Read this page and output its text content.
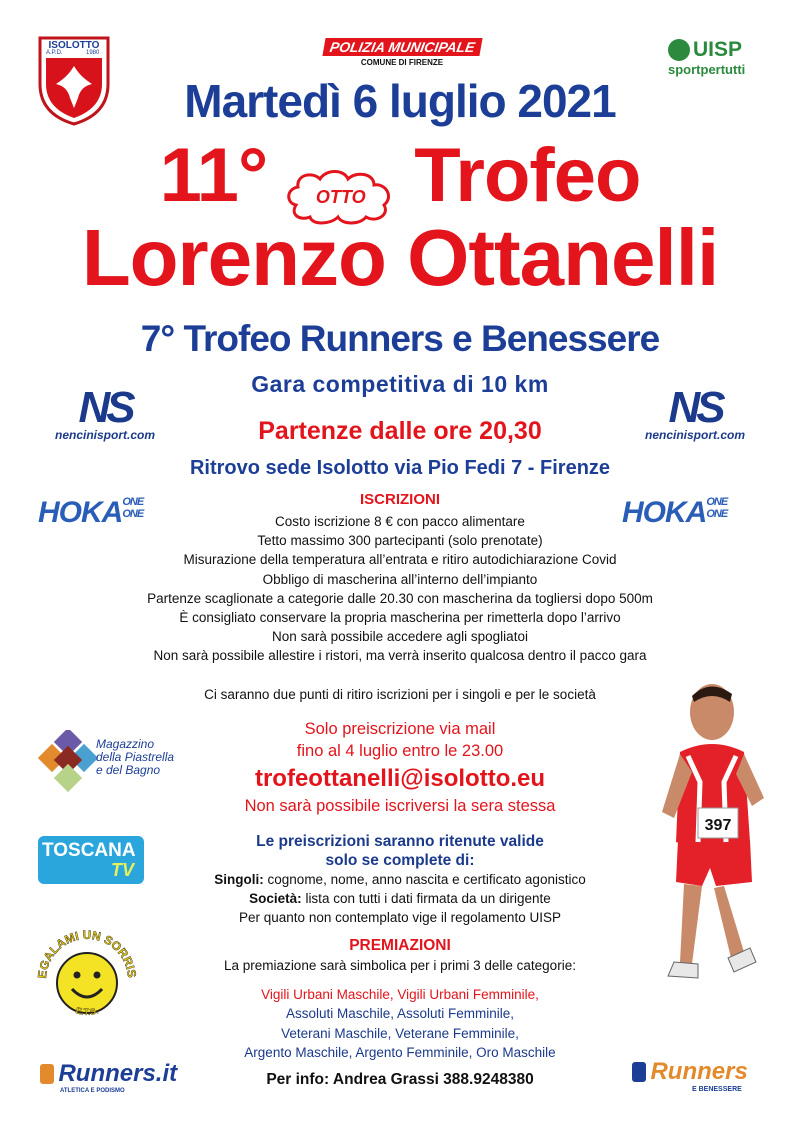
ISOLOTTO
A.P.D.	1980	POLIZIA MUNICIPALE
COMUNE DI FIRENZE
UISP
sportpertutti
Martedì 6 luglio 2021
11°	OTTO Trofeo
Lorenzo Ottanelli
7° Trofeo Runners e Benessere
Gara competitiva di 10 km
NS
nencinisport.com
NS
nencinisport.com
Partenze dalle ore 20,30
Ritrovo sede Isolotto via Pio Fedi 7 - Firenze
HOKAONE
ONE	HOKAONE
ONE
ISCRIZIONI
Costo iscrizione 8 € con pacco alimentare
Tetto massimo 300 partecipanti (solo prenotate)
Misurazione della temperatura all’entrata e ritiro autodichiarazione Covid
Obbligo di mascherina all’interno dell’impianto
Partenze scaglionate a categorie dalle 20.30 con mascherina da togliersi dopo 500m
È consigliato conservare la propria mascherina per rimetterla dopo l’arrivo
Non sarà possibile accedere agli spogliatoi
Non sarà possibile allestire i ristori, ma verrà inserito qualcosa dentro il pacco gara
Ci saranno due punti di ritiro iscrizioni per i singoli e per le società
Magazzino
della Piastrella
e del Bagno
Solo preiscrizione via mail
fino al 4 luglio entro le 23.00
trofeottanelli@isolotto.eu
Non sarà possibile iscriversi la sera stessa
TOSCANA
TV
Le preiscrizioni saranno ritenute valide
solo se complete di:
Singoli: cognome, nome, anno nascita e certificato agonistico
Società: lista con tutti i dati firmata da un dirigente
Per quanto non contemplato vige il regolamento UISP
EGALAMI UN SORRIS
E.T.S.
PREMIAZIONI
La premiazione sarà simbolica per i primi 3 delle categorie:
Vigili Urbani Maschile, Vigili Urbani Femminile,
Assoluti Maschile, Assoluti Femminile,
Veterani Maschile, Veterane Femminile,
Argento Maschile, Argento Femminile, Oro Maschile
397
Runners.it
ATLETICA E PODISMO
Per info: Andrea Grassi 388.9248380	Runners
E BENESSERE
